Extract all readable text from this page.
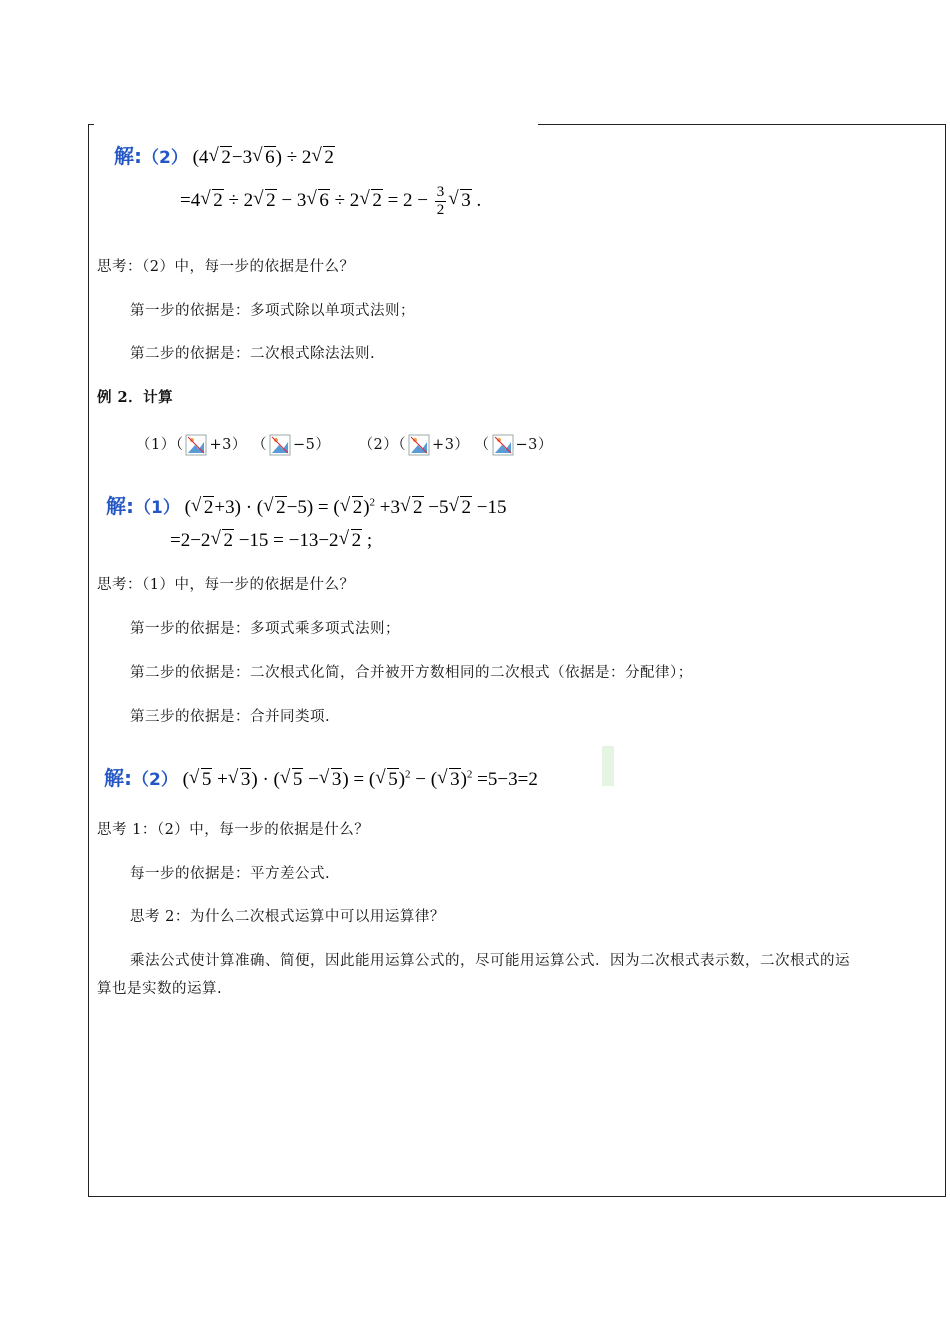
解:（2） (4 √ 2−3 √ 6) ÷ 2 √ 2
=4 √ 2 ÷ 2 √ 2 − 3 √ 6 ÷ 2 √ $2 = 2 - \frac{3}{2}$ √ 3 .
思考：（2）中，每一步的依据是什么？
第一步的依据是：多项式除以单项式法则；
第二步的依据是：二次根式除法法则.
例 2．计算
（1）（ +3） （ −5） （2）（ +3） （ −3）
解:（1） ( √ 2+3) · ( √ 2−5) = ( √ 2)$^2$ +3 √ 2 −5 √ 2 −15
=2−2 √ 2 −15 = −13−2 √ 2 ;
思考：（1）中，每一步的依据是什么？
第一步的依据是：多项式乘多项式法则；
第二步的依据是：二次根式化简，合并被开方数相同的二次根式（依据是：分配律）；
第三步的依据是：合并同类项.
解:（2） ( √ 5 + √ 3) · ( √ 5 − √ 3) = ( √ 5)$^2$ − ( √ 3)$^2$ =5−3=2
思考 1：（2）中，每一步的依据是什么？
每一步的依据是：平方差公式.
思考 2：为什么二次根式运算中可以用运算律？
乘法公式使计算准确、简便，因此能用运算公式的，尽可能用运算公式．因为二次根式表示数，二次根式的运
算也是实数的运算.
